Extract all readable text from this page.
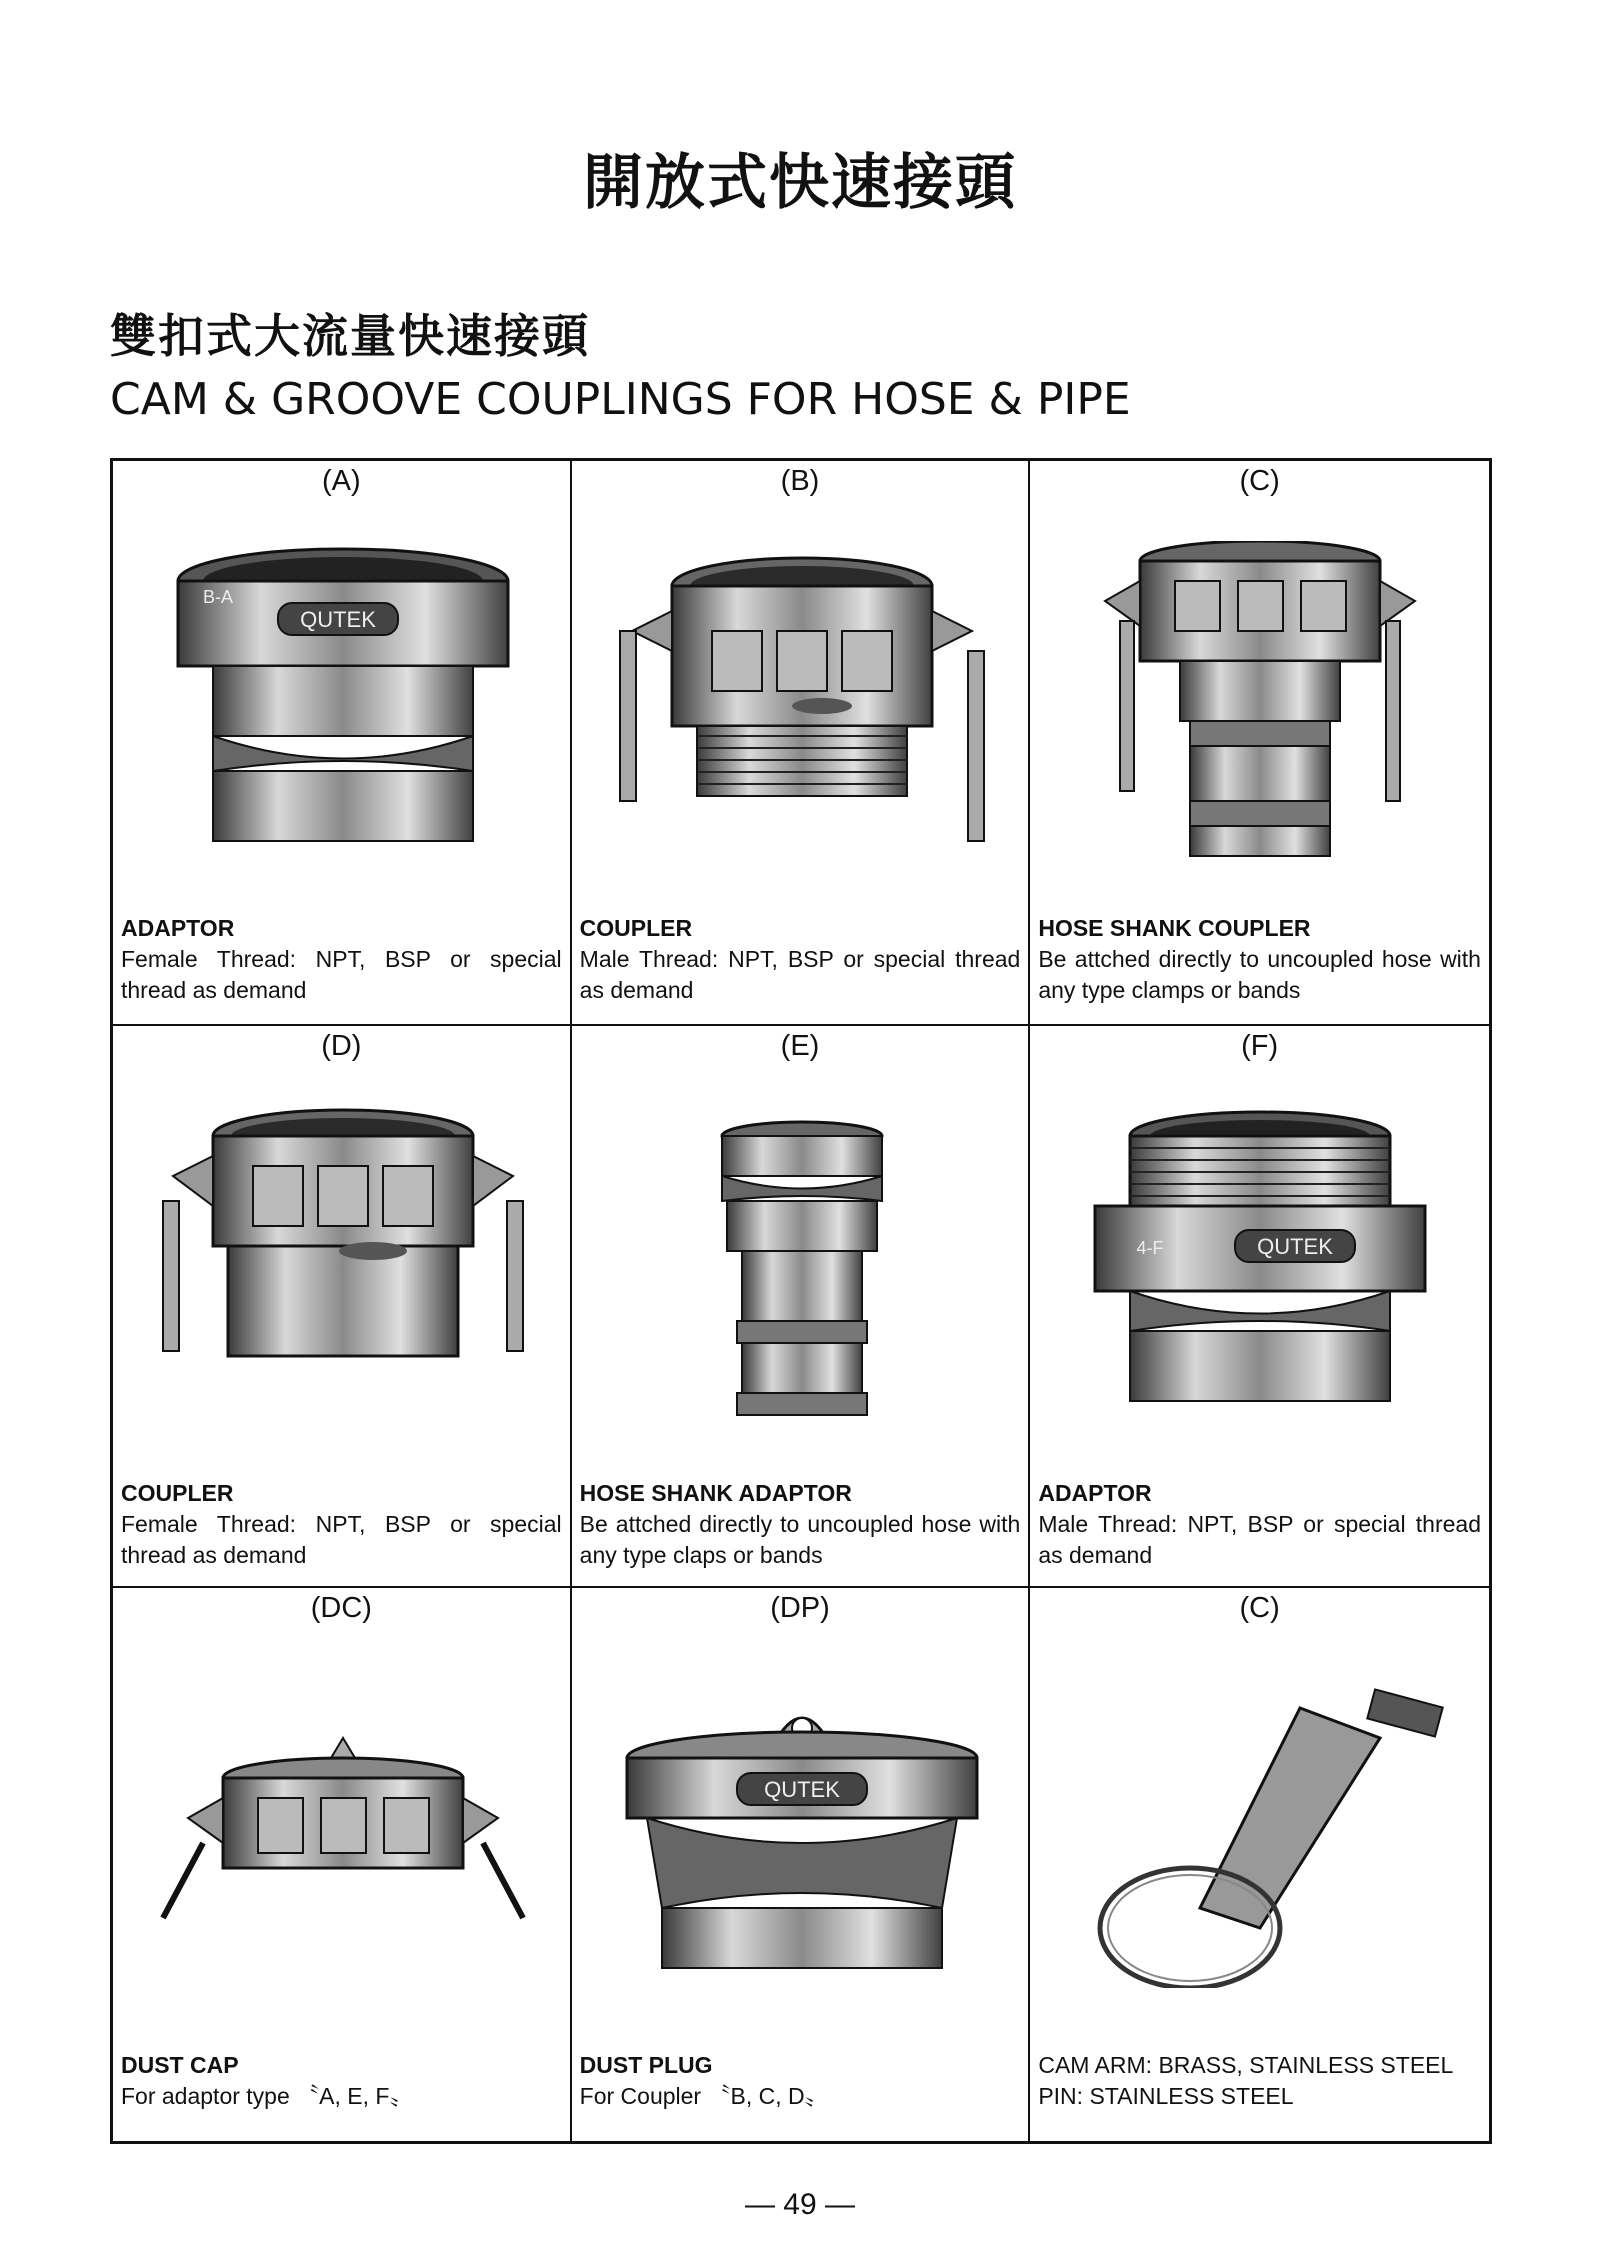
開放式快速接頭
雙扣式大流量快速接頭
CAM & GROOVE COUPLINGS FOR HOSE & PIPE
(A)
QUTEK
B-A
ADAPTOR
Female Thread: NPT, BSP or special thread as demand
(B)
COUPLER
Male Thread: NPT, BSP or special thread as demand
(C)
HOSE SHANK COUPLER
Be attched directly to uncoupled hose with any type clamps or bands
(D)
COUPLER
Female Thread: NPT, BSP or special thread as demand
(E)
HOSE SHANK ADAPTOR
Be attched directly to uncoupled hose with any type claps or bands
(F)
QUTEK
4-F
ADAPTOR
Male Thread: NPT, BSP or special thread as demand
(DC)
DUST CAP
For adaptor type 〝A, E, F〟
(DP)
QUTEK
DUST PLUG
For Coupler 〝B, C, D〟
(C)
CAM ARM: BRASS, STAINLESS STEEL
PIN: STAINLESS STEEL
— 49 —
